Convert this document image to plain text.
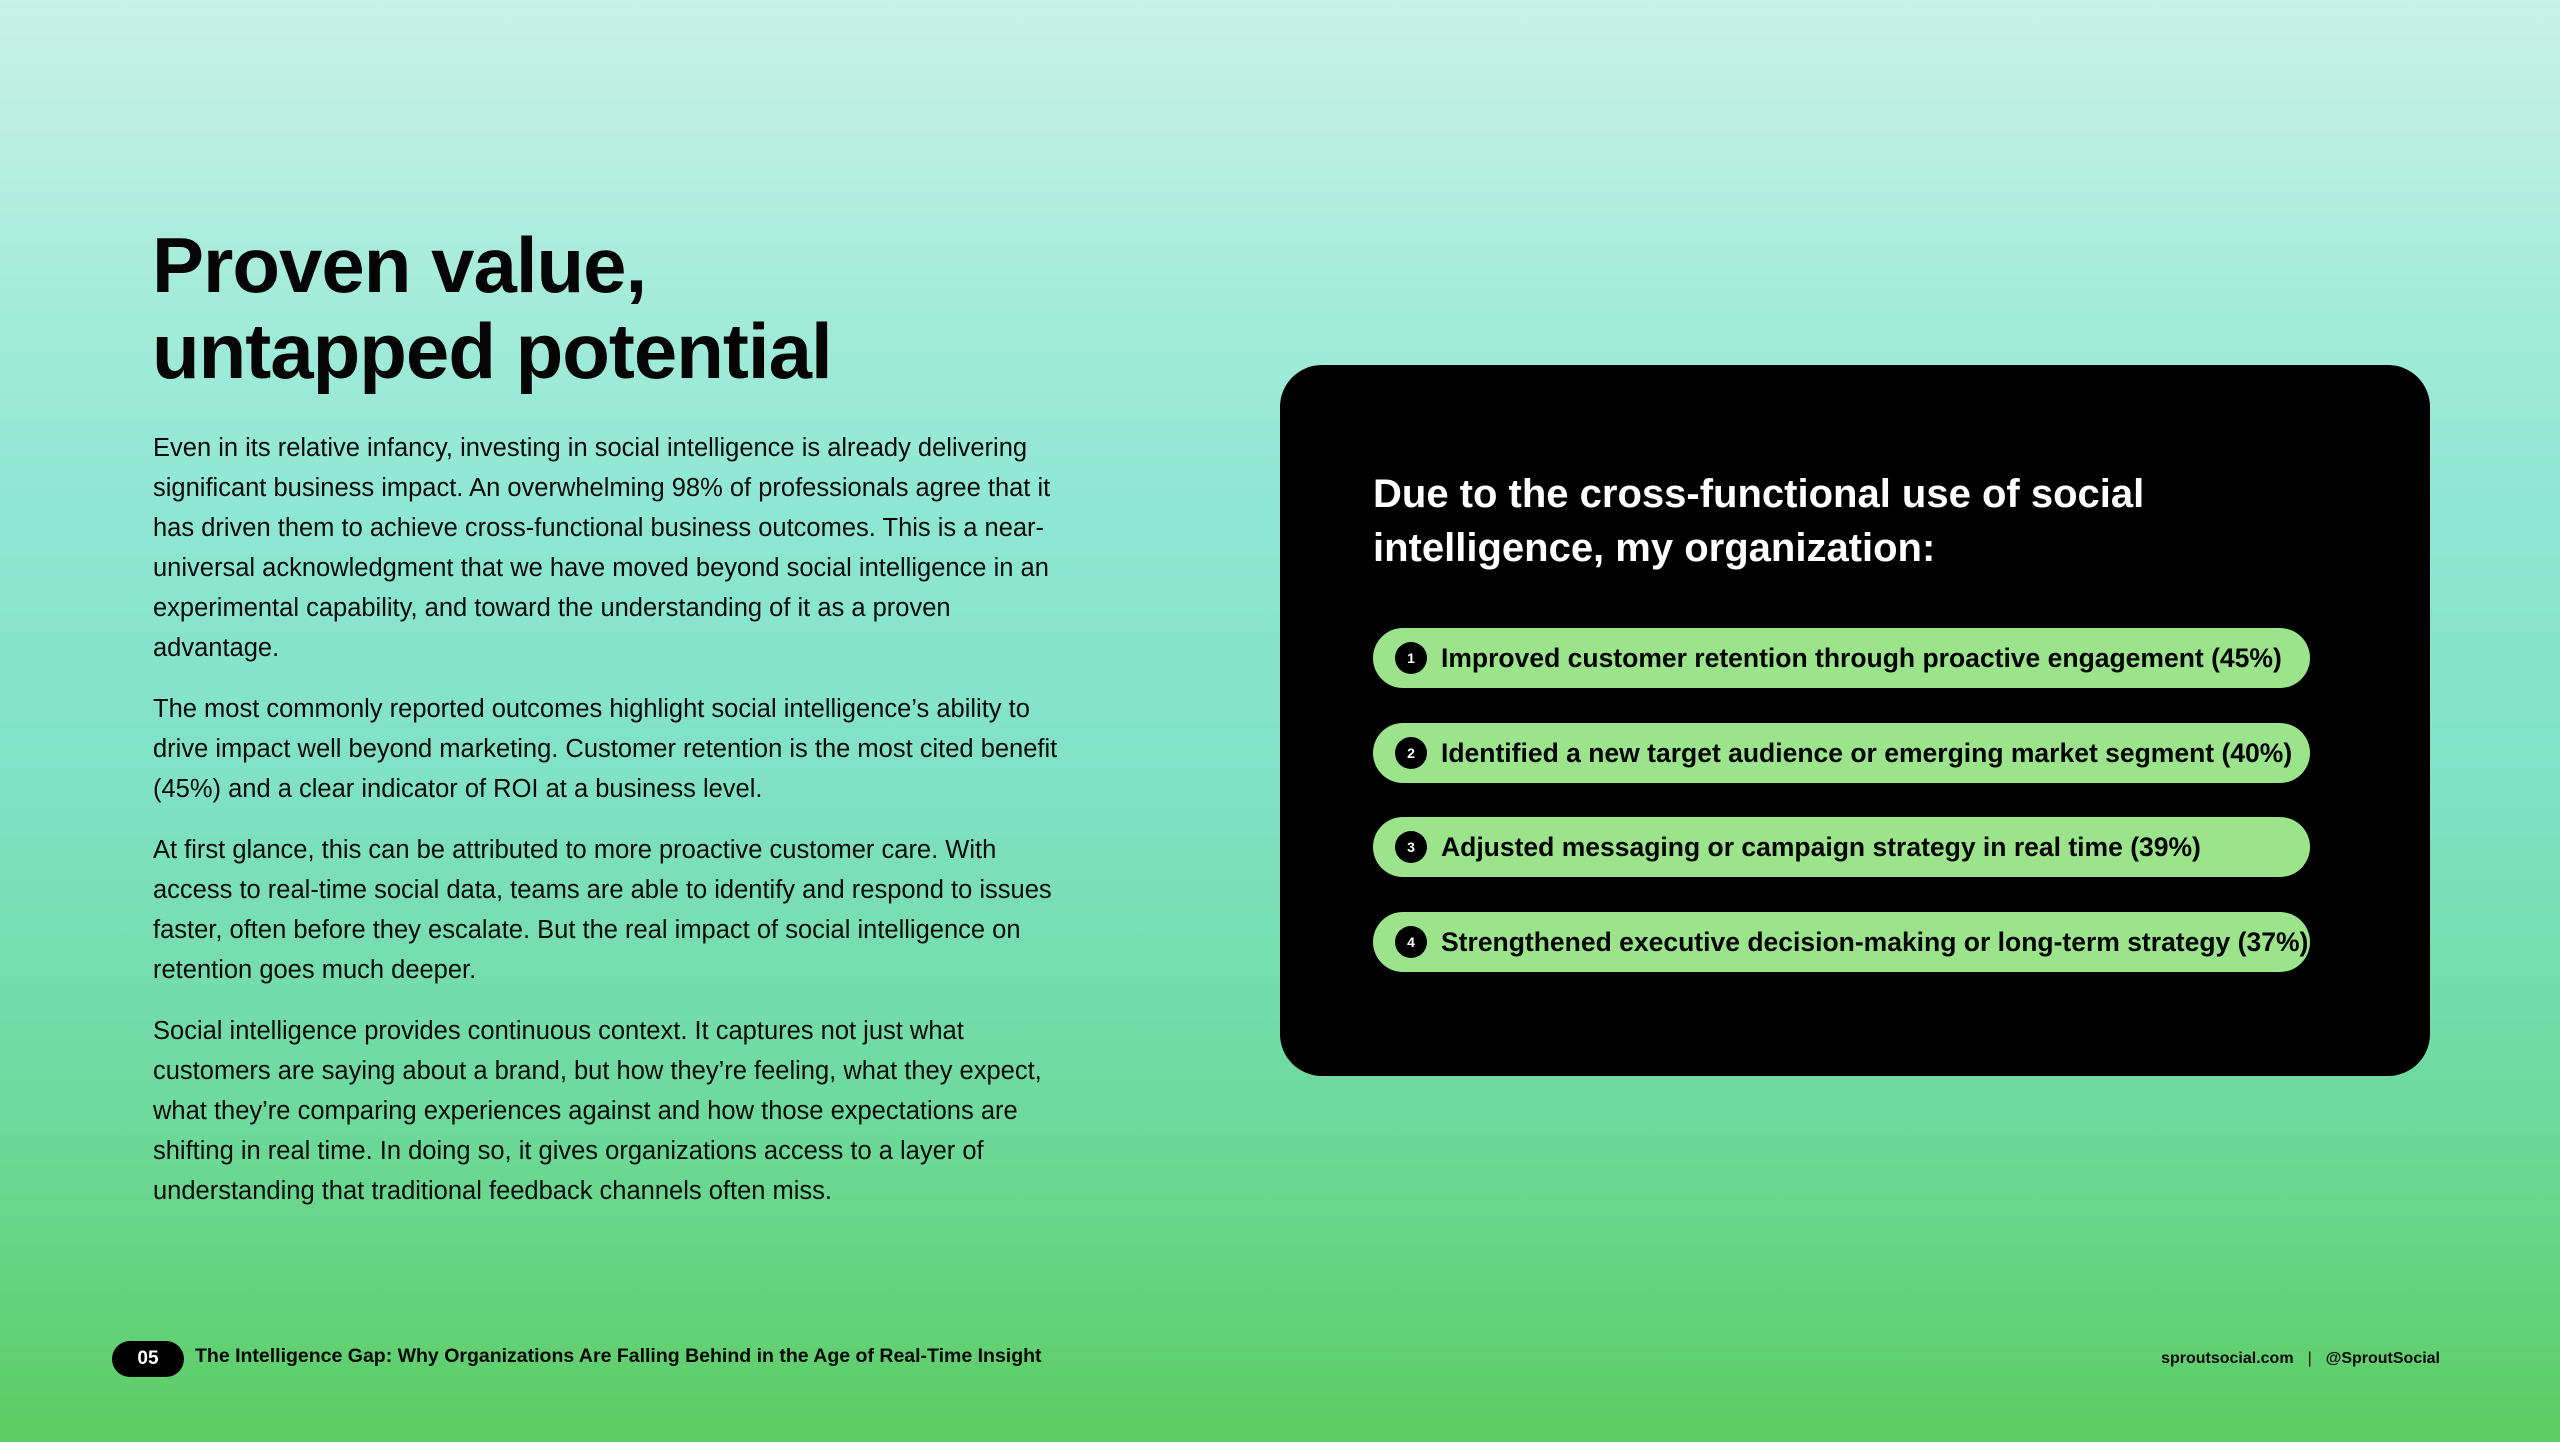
Proven value,
untapped potential

Even in its relative infancy, investing in social intelligence is already delivering significant business impact. An overwhelming 98% of professionals agree that it has driven them to achieve cross-functional business outcomes. This is a near-universal acknowledgment that we have moved beyond social intelligence in an experimental capability, and toward the understanding of it as a proven advantage.

The most commonly reported outcomes highlight social intelligence’s ability to drive impact well beyond marketing. Customer retention is the most cited benefit (45%) and a clear indicator of ROI at a business level.

At first glance, this can be attributed to more proactive customer care. With access to real-time social data, teams are able to identify and respond to issues faster, often before they escalate. But the real impact of social intelligence on retention goes much deeper.

Social intelligence provides continuous context. It captures not just what customers are saying about a brand, but how they’re feeling, what they expect, what they’re comparing experiences against and how those expectations are shifting in real time. In doing so, it gives organizations access to a layer of understanding that traditional feedback channels often miss.

Due to the cross-functional use of social
intelligence, my organization:
1 Improved customer retention through proactive engagement (45%)
2 Identified a new target audience or emerging market segment (40%)
3 Adjusted messaging or campaign strategy in real time (39%)
4 Strengthened executive decision-making or long-term strategy (37%)
05	The Intelligence Gap: Why Organizations Are Falling Behind in the Age of Real-Time Insight	sproutsocial.com | @SproutSocial
